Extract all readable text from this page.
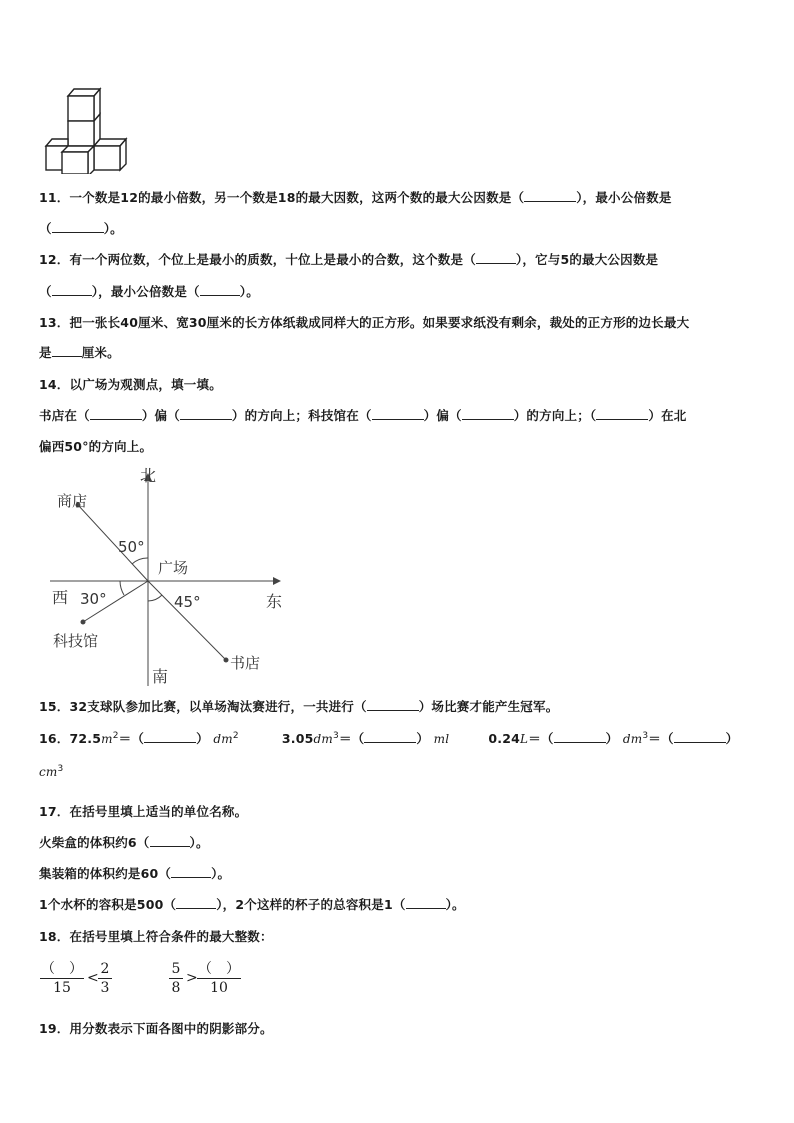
11．一个数是12的最小倍数，另一个数是18的最大因数，这两个数的最大公因数是（	），最小公倍数是
（	）。
12．有一个两位数，个位上是最小的质数，十位上是最小的合数，这个数是（	），它与5的最大公因数是
（	），最小公倍数是（	）。
13．把一张长40厘米、宽30厘米的长方体纸裁成同样大的正方形。如果要求纸没有剩余，裁处的正方形的边长最大
是 厘米。
14．以广场为观测点，填一填。
书店在（	）偏（	）的方向上；科技馆在（	）偏（	）的方向上；（	）在北
偏西50°的方向上。
北
南
东
西
广场
商店
科技馆
书店
50°
30°	45°
15．32支球队参加比赛，以单场淘汰赛进行，一共进行（	）场比赛才能产生冠军。
16．$72.5m^2=$（	） $dm^2$	$3.05dm^3=$（	） ml	0.24L＝（	） $dm^3=$（	）
$cm^3$
17．在括号里填上适当的单位名称。
火柴盒的体积约6（	）。
集装箱的体积约是60（	）。
1个水杯的容积是500（	），2个这样的杯子的总容积是1（	）。
18．在括号里填上符合条件的最大整数：
（　）
15
<
2
3
5
8
>
（　）
10
19．用分数表示下面各图中的阴影部分。
